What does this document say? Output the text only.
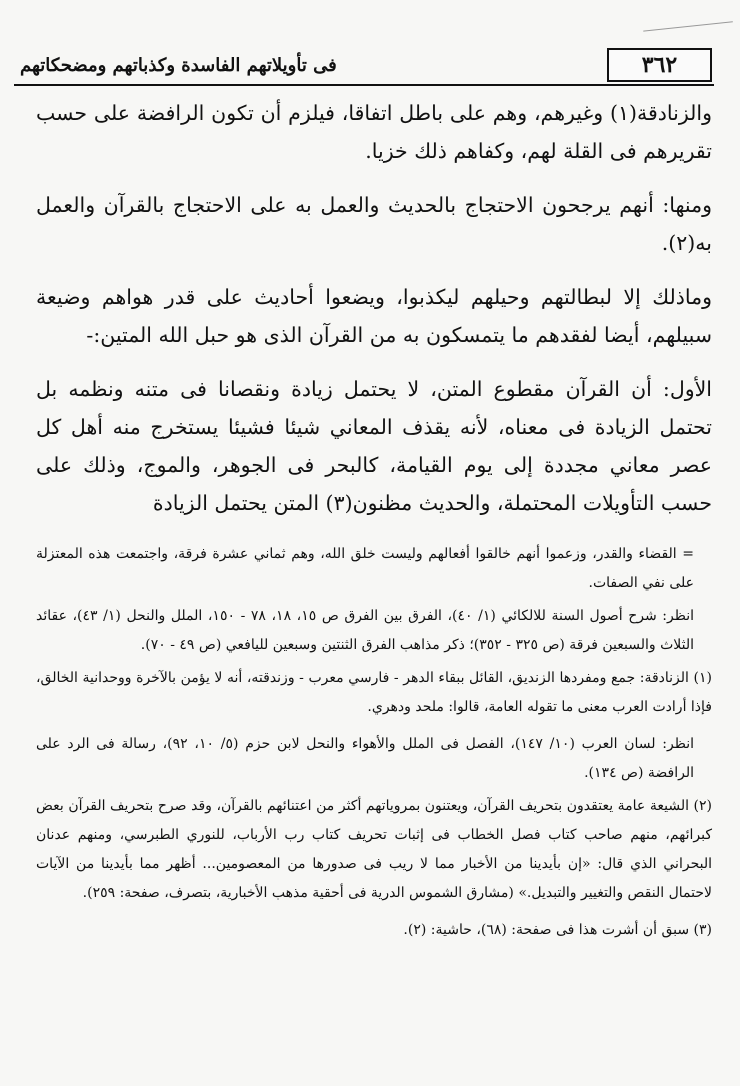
٣٦٢
فى تأويلاتهم الفاسدة وكذباتهم ومضحكاتهم

والزنادقة(١) وغيرهم، وهم على باطل اتفاقا، فيلزم أن تكون الرافضة على حسب تقريرهم فى القلة لهم، وكفاهم ذلك خزيا.

ومنها: أنهم يرجحون الاحتجاج بالحديث والعمل به على الاحتجاج بالقرآن والعمل به(٢).

وماذلك إلا لبطالتهم وحيلهم ليكذبوا، ويضعوا أحاديث على قدر هواهم وضيعة سبيلهم، أيضا لفقدهم ما يتمسكون به من القرآن الذى هو حبل الله المتين:-

الأول: أن القرآن مقطوع المتن، لا يحتمل زيادة ونقصانا فى متنه ونظمه بل تحتمل الزيادة فى معناه، لأنه يقذف المعاني شيئا فشيئا يستخرج منه أهل كل عصر معاني مجددة إلى يوم القيامة، كالبحر فى الجوهر، والموج، وذلك على حسب التأويلات المحتملة، والحديث مظنون(٣) المتن يحتمل الزيادة

= القضاء والقدر، وزعموا أنهم خالقوا أفعالهم وليست خلق الله، وهم ثماني عشرة فرقة، واجتمعت هذه المعتزلة على نفي الصفات.

انظر: شرح أصول السنة للالكائي (١/ ٤٠)، الفرق بين الفرق ص ١٥، ١٨، ٧٨ - ١٥٠، الملل والنحل (١/ ٤٣)، عقائد الثلاث والسبعين فرقة (ص ٣٢٥ - ٣٥٢)؛ ذكر مذاهب الفرق الثنتين وسبعين لليافعي (ص ٤٩ - ٧٠).

(١) الزنادقة: جمع ومفردها الزنديق، القائل ببقاء الدهر - فارسي معرب - وزندقته، أنه لا يؤمن بالآخرة ووحدانية الخالق، فإذا أرادت العرب معنى ما تقوله العامة، قالوا: ملحد ودهري.

انظر: لسان العرب (١٠/ ١٤٧)، الفصل فى الملل والأهواء والنحل لابن حزم (٥/ ١٠، ٩٢)، رسالة فى الرد على الرافضة (ص ١٣٤).

(٢) الشيعة عامة يعتقدون بتحريف القرآن، ويعتنون بمروياتهم أكثر من اعتنائهم بالقرآن، وقد صرح بتحريف القرآن بعض كبرائهم، منهم صاحب كتاب فصل الخطاب فى إثبات تحريف كتاب رب الأرباب، للنوري الطبرسي، ومنهم عدنان البحراني الذي قال: «إن بأيدينا من الأخبار مما لا ريب فى صدورها من المعصومين... أظهر مما بأيدينا من الآيات لاحتمال النقص والتغيير والتبديل.» (مشارق الشموس الدرية فى أحقية مذهب الأخبارية، بتصرف، صفحة: ٢٥٩).

(٣) سبق أن أشرت هذا فى صفحة: (٦٨)، حاشية: (٢).
